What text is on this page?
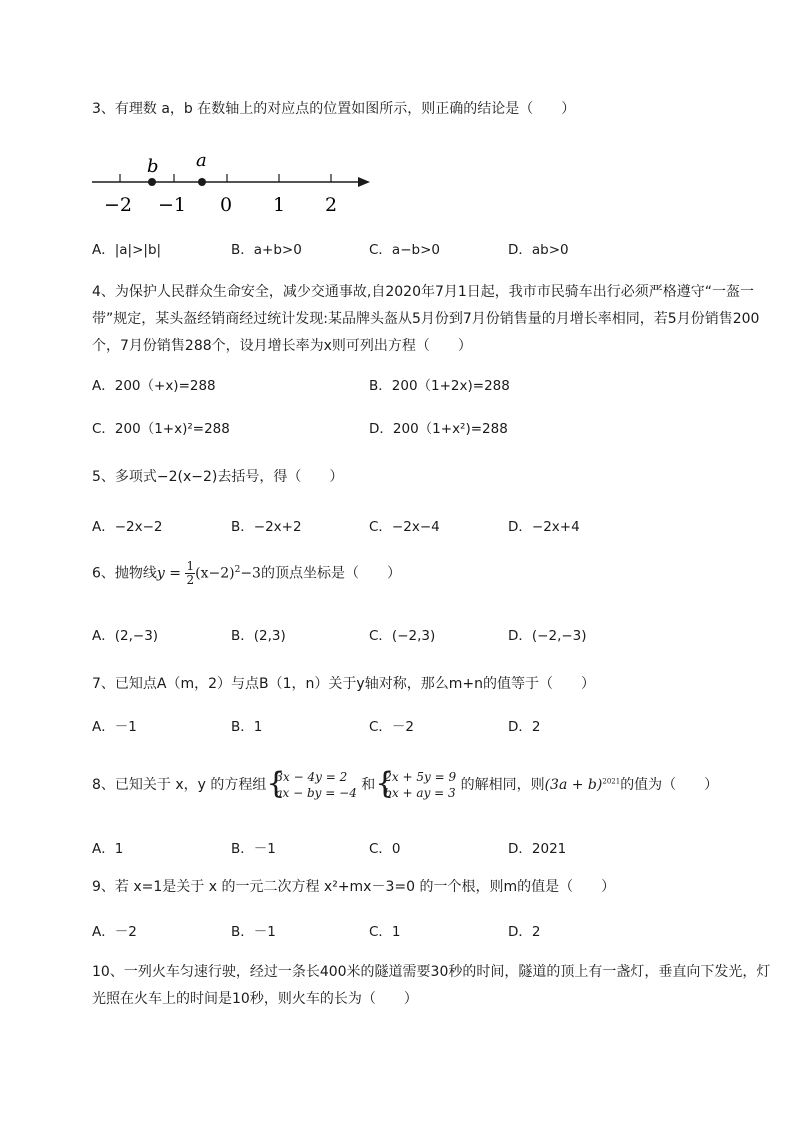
3、有理数 a，b 在数轴上的对应点的位置如图所示，则正确的结论是（　　）
b a
−2 −1 0 1 2
A．|a|>|b|	B．a+b>0	C．a−b>0	D．ab>0
4、为保护人民群众生命安全，减少交通事故,自2020年7月1日起，我市市民骑车出行必须严格遵守“一盔一带”规定，某头盔经销商经过统计发现:某品牌头盔从5月份到7月份销售量的月增长率相同，若5月份销售200个，7月份销售288个，设月增长率为x则可列出方程（　　）
A．200（+x)=288	B．200（1+2x)=288
C．200（1+x)²=288	D．200（1+x²)=288
5、多项式−2(x−2)去括号，得（　　）
A．−2x−2	B．−2x+2	C．−2x−4	D．−2x+4
6、抛物线$y = \frac{1}{2} (x-2)^2-3$的顶点坐标是（　　）
A．(2,−3)	B．(2,3)	C．(−2,3)	D．(−2,−3)
7、已知点A（m，2）与点B（1，n）关于y轴对称，那么m+n的值等于（　　）
A．－1	B．1	C．－2	D．2
8、已知关于 x，y 的方程组 {
3x − 4y = 2
ax − by = −4 和 {
2x + 5y = 9
bx + ay = 3 的解相同，则$(3a + b)^{2021}$的值为（　　）
A．1	B．－1	C．0	D．2021
9、若 x=1是关于 x 的一元二次方程 x²+mx－3=0 的一个根，则m的值是（　　）
A．－2	B．－1	C．1	D．2
10、一列火车匀速行驶，经过一条长400米的隧道需要30秒的时间，隧道的顶上有一盏灯，垂直向下发光，灯光照在火车上的时间是10秒，则火车的长为（　　）
